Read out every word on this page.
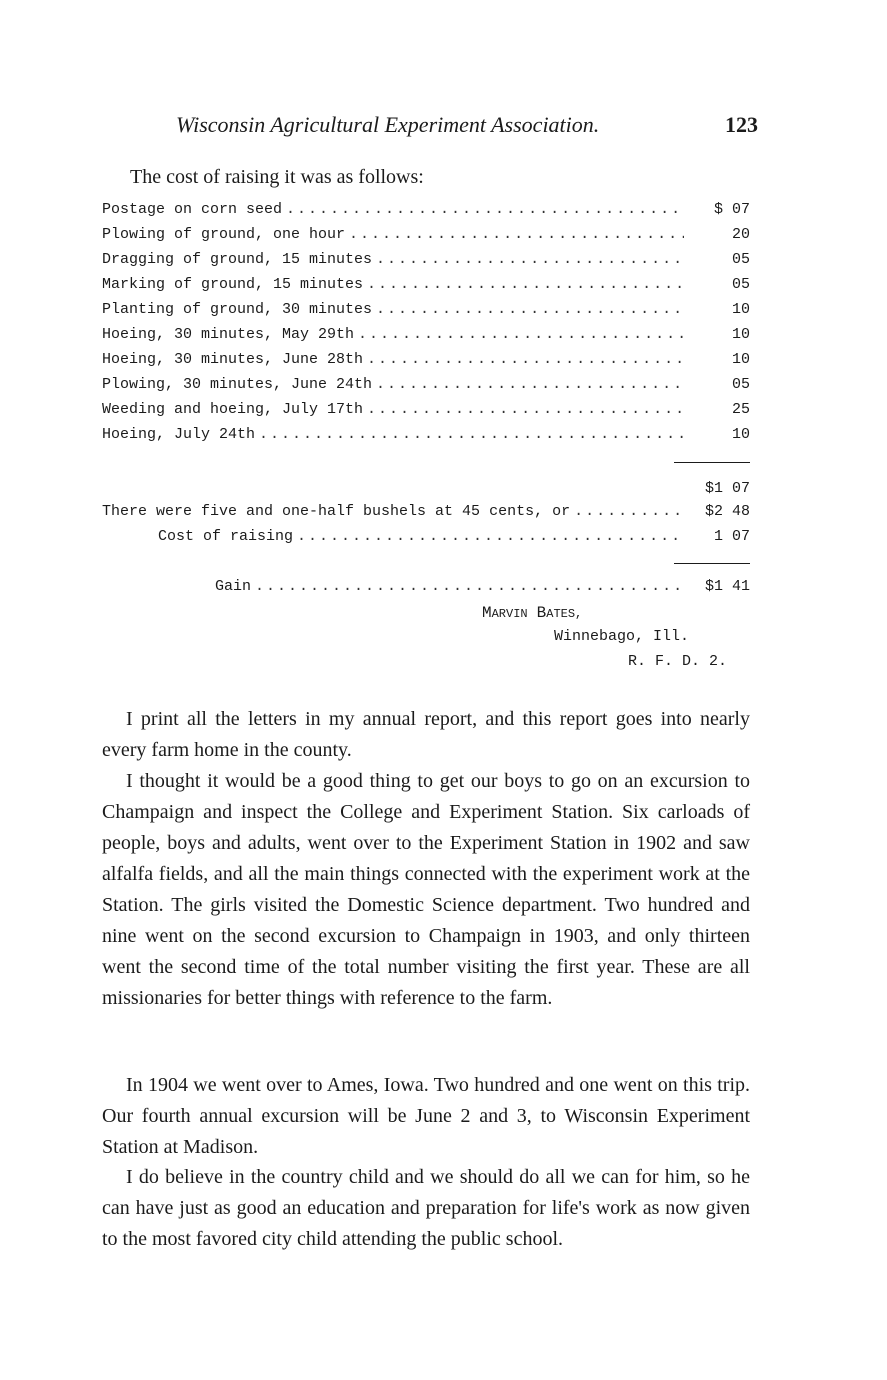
Wisconsin Agricultural Experiment Association.	123
The cost of raising it was as follows:
Postage on corn seed .....	$ 07
Plowing of ground, one hour .....	20
Dragging of ground, 15 minutes .....	05
Marking of ground, 15 minutes .....	05
Planting of ground, 30 minutes .....	10
Hoeing, 30 minutes, May 29th .....	10
Hoeing, 30 minutes, June 28th .....	10
Plowing, 30 minutes, June 24th .....	05
Weeding and hoeing, July 17th .....	25
Hoeing, July 24th .....	10
$1 07
There were five and one-half bushels at 45 cents, or .....	$2 48
Cost of raising .....	1 07
Gain .....	$1 41
MARVIN BATES,
Winnebago, Ill.
R. F. D. 2.
I print all the letters in my annual report, and this report goes into nearly every farm home in the county.
I thought it would be a good thing to get our boys to go on an excursion to Champaign and inspect the College and Experiment Station. Six carloads of people, boys and adults, went over to the Experiment Station in 1902 and saw alfalfa fields, and all the main things connected with the experiment work at the Station. The girls visited the Domestic Science department. Two hundred and nine went on the second excursion to Champaign in 1903, and only thirteen went the second time of the total number visiting the first year. These are all missionaries for better things with reference to the farm.
In 1904 we went over to Ames, Iowa. Two hundred and one went on this trip. Our fourth annual excursion will be June 2 and 3, to Wisconsin Experiment Station at Madison.
I do believe in the country child and we should do all we can for him, so he can have just as good an education and preparation for life's work as now given to the most favored city child attending the public school.
